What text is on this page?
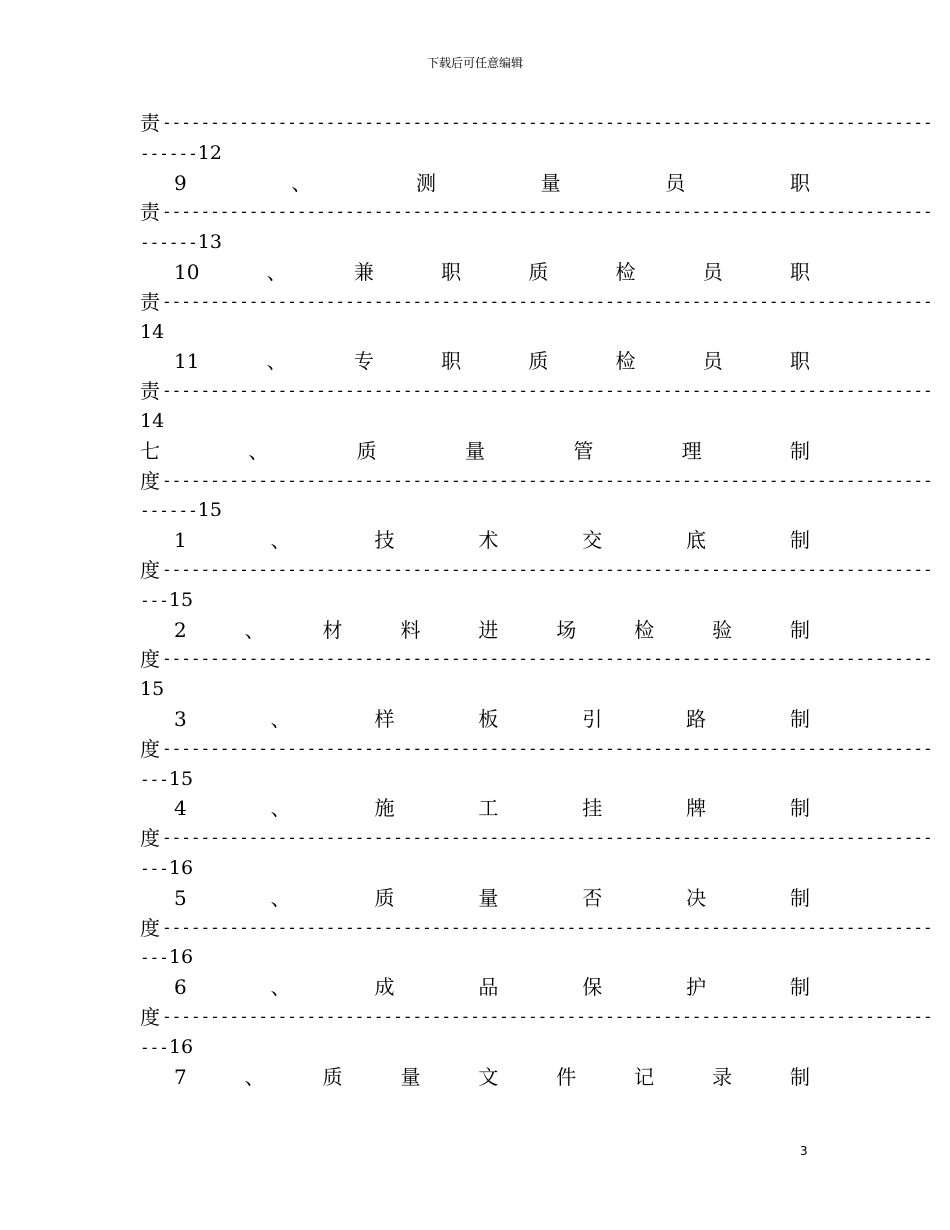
下载后可任意编辑
责 --------------------------------------------------------------------------------
------12
9	、	测	量	员	职
责 --------------------------------------------------------------------------------
------13
10	、	兼	职	质	检	员	职
责 --------------------------------------------------------------------------------
14
11	、	专	职	质	检	员	职
责 --------------------------------------------------------------------------------
14
七	、	质	量	管	理	制
度 --------------------------------------------------------------------------------
------15
1	、	技	术	交	底	制
度 --------------------------------------------------------------------------------
---15
2	、	材	料	进	场	检	验	制
度 --------------------------------------------------------------------------------
15
3	、	样	板	引	路	制
度 --------------------------------------------------------------------------------
---15
4	、	施	工	挂	牌	制
度 --------------------------------------------------------------------------------
---16
5	、	质	量	否	决	制
度 --------------------------------------------------------------------------------
---16
6	、	成	品	保	护	制
度 --------------------------------------------------------------------------------
---16
7	、	质	量	文	件	记	录	制
3
